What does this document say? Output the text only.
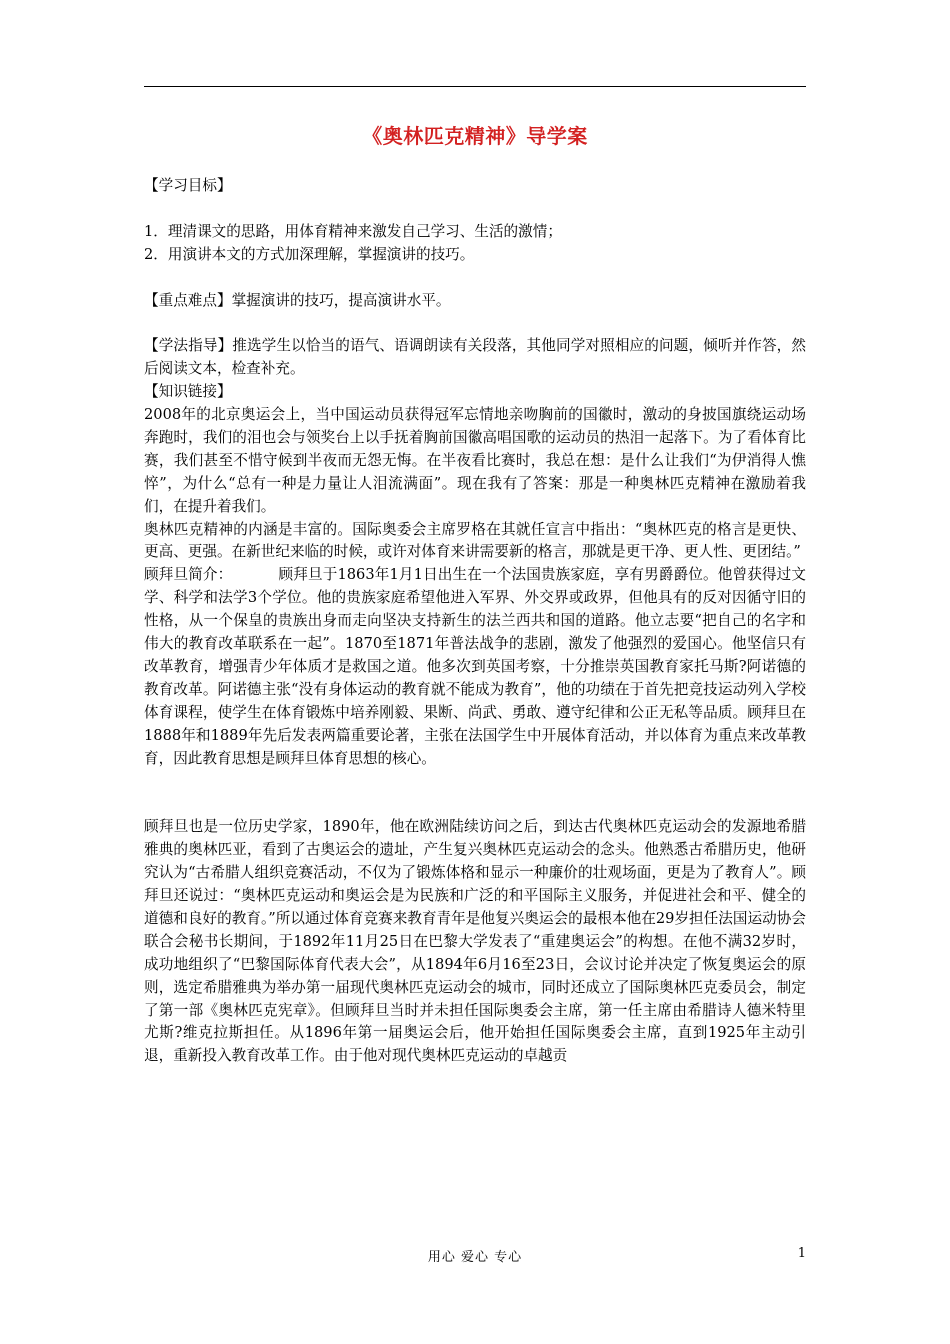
《奥林匹克精神》导学案

【学习目标】

1．理清课文的思路，用体育精神来激发自己学习、生活的激情；

2．用演讲本文的方式加深理解，掌握演讲的技巧。

【重点难点】掌握演讲的技巧，提高演讲水平。

【学法指导】推选学生以恰当的语气、语调朗读有关段落，其他同学对照相应的问题，倾听并作答，然后阅读文本，检查补充。

【知识链接】

2008年的北京奥运会上，当中国运动员获得冠军忘情地亲吻胸前的国徽时，激动的身披国旗绕运动场奔跑时，我们的泪也会与领奖台上以手抚着胸前国徽高唱国歌的运动员的热泪一起落下。为了看体育比赛，我们甚至不惜守候到半夜而无怨无悔。在半夜看比赛时，我总在想：是什么让我们“为伊消得人憔悴”，为什么“总有一种是力量让人泪流满面”。现在我有了答案：那是一种奥林匹克精神在激励着我们，在提升着我们。

奥林匹克精神的内涵是丰富的。国际奥委会主席罗格在其就任宣言中指出：“奥林匹克的格言是更快、更高、更强。在新世纪来临的时候，或许对体育来讲需要新的格言，那就是更干净、更人性、更团结。”

顾拜旦简介：	顾拜旦于1863年1月1日出生在一个法国贵族家庭，享有男爵爵位。他曾获得过文学、科学和法学3个学位。他的贵族家庭希望他进入军界、外交界或政界，但他具有的反对因循守旧的性格，从一个保皇的贵族出身而走向坚决支持新生的法兰西共和国的道路。他立志要“把自己的名字和伟大的教育改革联系在一起”。1870至1871年普法战争的悲剧，激发了他强烈的爱国心。他坚信只有改革教育，增强青少年体质才是救国之道。他多次到英国考察，十分推崇英国教育家托马斯?阿诺德的教育改革。阿诺德主张“没有身体运动的教育就不能成为教育”，他的功绩在于首先把竞技运动列入学校体育课程，使学生在体育锻炼中培养刚毅、果断、尚武、勇敢、遵守纪律和公正无私等品质。顾拜旦在1888年和1889年先后发表两篇重要论著，主张在法国学生中开展体育活动，并以体育为重点来改革教育，因此教育思想是顾拜旦体育思想的核心。

顾拜旦也是一位历史学家，1890年，他在欧洲陆续访问之后，到达古代奥林匹克运动会的发源地希腊雅典的奥林匹亚，看到了古奥运会的遗址，产生复兴奥林匹克运动会的念头。他熟悉古希腊历史，他研究认为“古希腊人组织竞赛活动，不仅为了锻炼体格和显示一种廉价的壮观场面，更是为了教育人”。顾拜旦还说过：“奥林匹克运动和奥运会是为民族和广泛的和平国际主义服务，并促进社会和平、健全的道德和良好的教育。”所以通过体育竞赛来教育青年是他复兴奥运会的最根本他在29岁担任法国运动协会联合会秘书长期间，于1892年11月25日在巴黎大学发表了“重建奥运会”的构想。在他不满32岁时，成功地组织了“巴黎国际体育代表大会”，从1894年6月16至23日，会议讨论并决定了恢复奥运会的原则，选定希腊雅典为举办第一届现代奥林匹克运动会的城市，同时还成立了国际奥林匹克委员会，制定了第一部《奥林匹克宪章》。但顾拜旦当时并未担任国际奥委会主席，第一任主席由希腊诗人德米特里尤斯?维克拉斯担任。从1896年第一届奥运会后，他开始担任国际奥委会主席，直到1925年主动引退，重新投入教育改革工作。由于他对现代奥林匹克运动的卓越贡

用心 爱心 专心	1
